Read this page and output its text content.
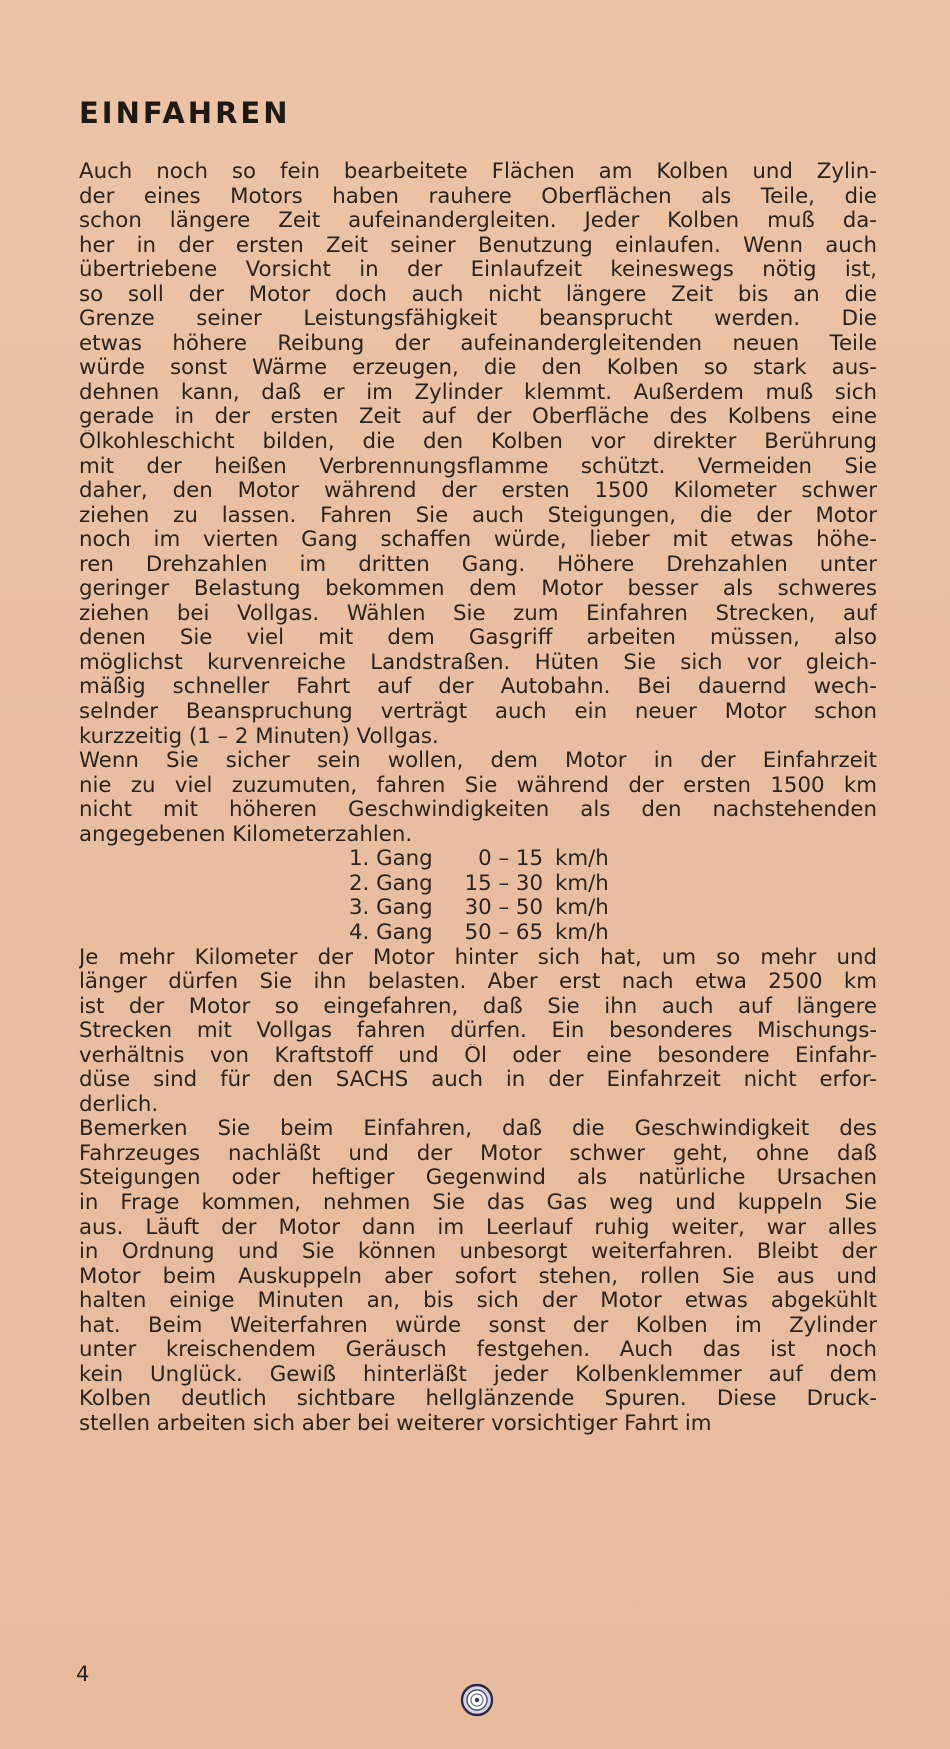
EINFAHREN
Auch noch so fein bearbeitete Flächen am Kolben und Zylin-
der eines Motors haben rauhere Oberflächen als Teile, die
schon längere Zeit aufeinandergleiten. Jeder Kolben muß da-
her in der ersten Zeit seiner Benutzung einlaufen. Wenn auch
übertriebene Vorsicht in der Einlaufzeit keineswegs nötig ist,
so soll der Motor doch auch nicht längere Zeit bis an die
Grenze seiner Leistungsfähigkeit beansprucht werden. Die
etwas höhere Reibung der aufeinandergleitenden neuen Teile
würde sonst Wärme erzeugen, die den Kolben so stark aus-
dehnen kann, daß er im Zylinder klemmt. Außerdem muß sich
gerade in der ersten Zeit auf der Oberfläche des Kolbens eine
Ölkohleschicht bilden, die den Kolben vor direkter Berührung
mit der heißen Verbrennungsflamme schützt. Vermeiden Sie
daher, den Motor während der ersten 1500 Kilometer schwer
ziehen zu lassen. Fahren Sie auch Steigungen, die der Motor
noch im vierten Gang schaffen würde, lieber mit etwas höhe-
ren Drehzahlen im dritten Gang. Höhere Drehzahlen unter
geringer Belastung bekommen dem Motor besser als schweres
ziehen bei Vollgas. Wählen Sie zum Einfahren Strecken, auf
denen Sie viel mit dem Gasgriff arbeiten müssen, also
möglichst kurvenreiche Landstraßen. Hüten Sie sich vor gleich-
mäßig schneller Fahrt auf der Autobahn. Bei dauernd wech-
selnder Beanspruchung verträgt auch ein neuer Motor schon
kurzzeitig (1 – 2 Minuten) Vollgas.
Wenn Sie sicher sein wollen, dem Motor in der Einfahrzeit
nie zu viel zuzumuten, fahren Sie während der ersten 1500 km
nicht mit höheren Geschwindigkeiten als den nachstehenden
angegebenen Kilometerzahlen.
1. Gang	0 – 15 km/h
2. Gang	15 – 30 km/h
3. Gang	30 – 50 km/h
4. Gang	50 – 65 km/h
Je mehr Kilometer der Motor hinter sich hat, um so mehr und
länger dürfen Sie ihn belasten. Aber erst nach etwa 2500 km
ist der Motor so eingefahren, daß Sie ihn auch auf längere
Strecken mit Vollgas fahren dürfen. Ein besonderes Mischungs-
verhältnis von Kraftstoff und Öl oder eine besondere Einfahr-
düse sind für den SACHS auch in der Einfahrzeit nicht erfor-
derlich.
Bemerken Sie beim Einfahren, daß die Geschwindigkeit des
Fahrzeuges nachläßt und der Motor schwer geht, ohne daß
Steigungen oder heftiger Gegenwind als natürliche Ursachen
in Frage kommen, nehmen Sie das Gas weg und kuppeln Sie
aus. Läuft der Motor dann im Leerlauf ruhig weiter, war alles
in Ordnung und Sie können unbesorgt weiterfahren. Bleibt der
Motor beim Auskuppeln aber sofort stehen, rollen Sie aus und
halten einige Minuten an, bis sich der Motor etwas abgekühlt
hat. Beim Weiterfahren würde sonst der Kolben im Zylinder
unter kreischendem Geräusch festgehen. Auch das ist noch
kein Unglück. Gewiß hinterläßt jeder Kolbenklemmer auf dem
Kolben deutlich sichtbare hellglänzende Spuren. Diese Druck-
stellen arbeiten sich aber bei weiterer vorsichtiger Fahrt im
4
